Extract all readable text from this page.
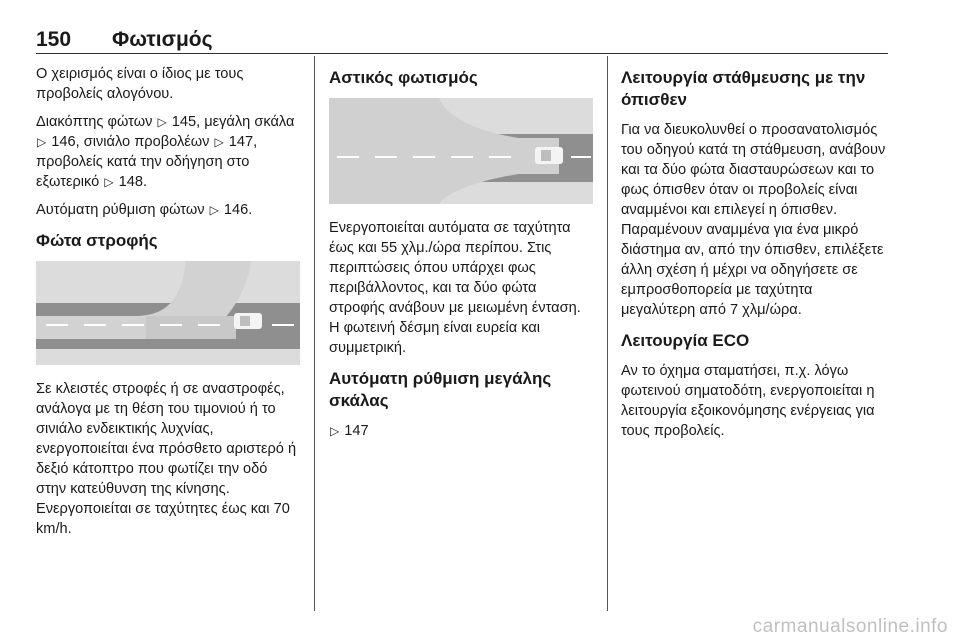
150 Φωτισμός

Ο χειρισμός είναι ο ίδιος με τους προβολείς αλογόνου.

Διακόπτης φώτων ▷ 145, μεγάλη σκάλα ▷ 146, σινιάλο προβολέων ▷ 147, προβολείς κατά την οδήγηση στο εξωτερικό ▷ 148.

Αυτόματη ρύθμιση φώτων ▷ 146.

Φώτα στροφής

Σε κλειστές στροφές ή σε αναστροφές, ανάλογα με τη θέση του τιμονιού ή το σινιάλο ενδεικτικής λυχνίας, ενεργοποιείται ένα πρόσθετο αριστερό ή δεξιό κάτοπτρο που φωτίζει την οδό στην κατεύθυνση της κίνησης. Ενεργοποιείται σε ταχύτητες έως και 70 km/h.

Αστικός φωτισμός

Ενεργοποιείται αυτόματα σε ταχύτητα έως και 55 χλμ./ώρα περίπου. Στις περιπτώσεις όπου υπάρχει φως περιβάλλοντος, και τα δύο φώτα στροφής ανάβουν με μειωμένη ένταση. Η φωτεινή δέσμη είναι ευρεία και συμμετρική.

Αυτόματη ρύθμιση μεγάλης σκάλας

▷ 147

Λειτουργία στάθμευσης με την όπισθεν

Για να διευκολυνθεί ο προσανατολισμός του οδηγού κατά τη στάθμευση, ανάβουν και τα δύο φώτα διασταυρώσεων και το φως όπισθεν όταν οι προβολείς είναι αναμμένοι και επιλεγεί η όπισθεν. Παραμένουν αναμμένα για ένα μικρό διάστημα αν, από την όπισθεν, επιλέξετε άλλη σχέση ή μέχρι να οδηγήσετε σε εμπροσθοπορεία με ταχύτητα μεγαλύτερη από 7 χλμ/ώρα.

Λειτουργία ECO

Αν το όχημα σταματήσει, π.χ. λόγω φωτεινού σηματοδότη, ενεργοποιείται η λειτουργία εξοικονόμησης ενέργειας για τους προβολείς.

carmanualsonline.info
